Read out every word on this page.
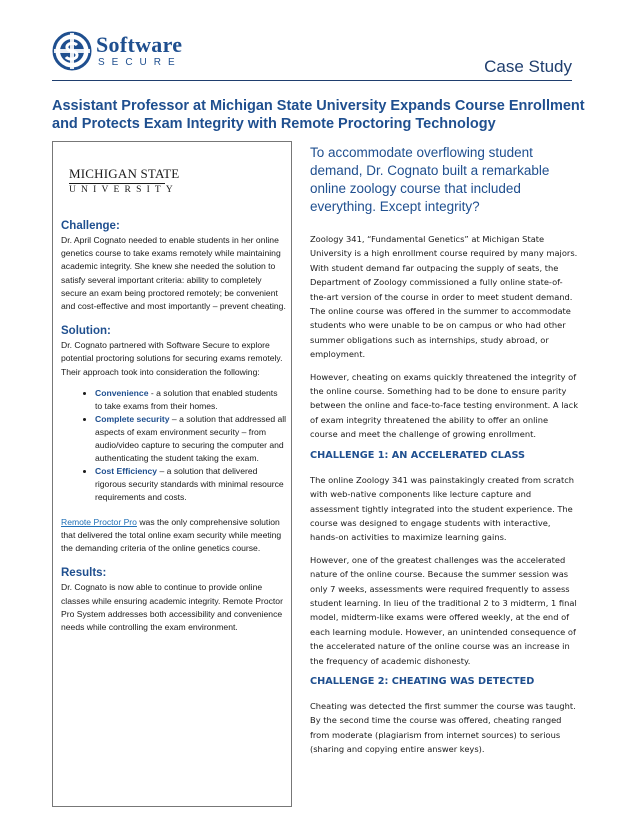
Software
SECURE	Case Study
Assistant Professor at Michigan State University Expands Course Enrollment and Protects Exam Integrity with Remote Proctoring Technology
MICHIGAN STATE
UNIVERSITY
Challenge:

Dr. April Cognato needed to enable students in her online genetics course to take exams remotely while maintaining academic integrity. She knew she needed the solution to satisfy several important criteria: ability to completely secure an exam being proctored remotely; be convenient and cost-effective and most importantly – prevent cheating.

Solution:

Dr. Cognato partnered with Software Secure to explore potential proctoring solutions for securing exams remotely. Their approach took into consideration the following:

• Convenience - a solution that enabled students to take exams from their homes.
• Complete security – a solution that addressed all aspects of exam environment security – from audio/video capture to securing the computer and authenticating the student taking the exam.
• Cost Efficiency – a solution that delivered rigorous security standards with minimal resource requirements and costs.

Remote Proctor Pro was the only comprehensive solution that delivered the total online exam security while meeting the demanding criteria of the online genetics course.

Results:

Dr. Cognato is now able to continue to provide online classes while ensuring academic integrity. Remote Proctor Pro System addresses both accessibility and convenience needs while controlling the exam environment.

To accommodate overflowing student demand, Dr. Cognato built a remarkable online zoology course that included everything. Except integrity?

Zoology 341, “Fundamental Genetics” at Michigan State University is a high enrollment course required by many majors. With student demand far outpacing the supply of seats, the Department of Zoology commissioned a fully online state-of-the-art version of the course in order to meet student demand. The online course was offered in the summer to accommodate students who were unable to be on campus or who had other summer obligations such as internships, study abroad, or employment.

However, cheating on exams quickly threatened the integrity of the online course. Something had to be done to ensure parity between the online and face-to-face testing environment. A lack of exam integrity threatened the ability to offer an online course and meet the challenge of growing enrollment.

CHALLENGE 1: AN ACCELERATED CLASS

The online Zoology 341 was painstakingly created from scratch with web-native components like lecture capture and assessment tightly integrated into the student experience. The course was designed to engage students with interactive, hands-on activities to maximize learning gains.

However, one of the greatest challenges was the accelerated nature of the online course. Because the summer session was only 7 weeks, assessments were required frequently to assess student learning. In lieu of the traditional 2 to 3 midterm, 1 final model, midterm-like exams were offered weekly, at the end of each learning module. However, an unintended consequence of the accelerated nature of the online course was an increase in the frequency of academic dishonesty.

CHALLENGE 2: CHEATING WAS DETECTED

Cheating was detected the first summer the course was taught. By the second time the course was offered, cheating ranged from moderate (plagiarism from internet sources) to serious (sharing and copying entire answer keys).
